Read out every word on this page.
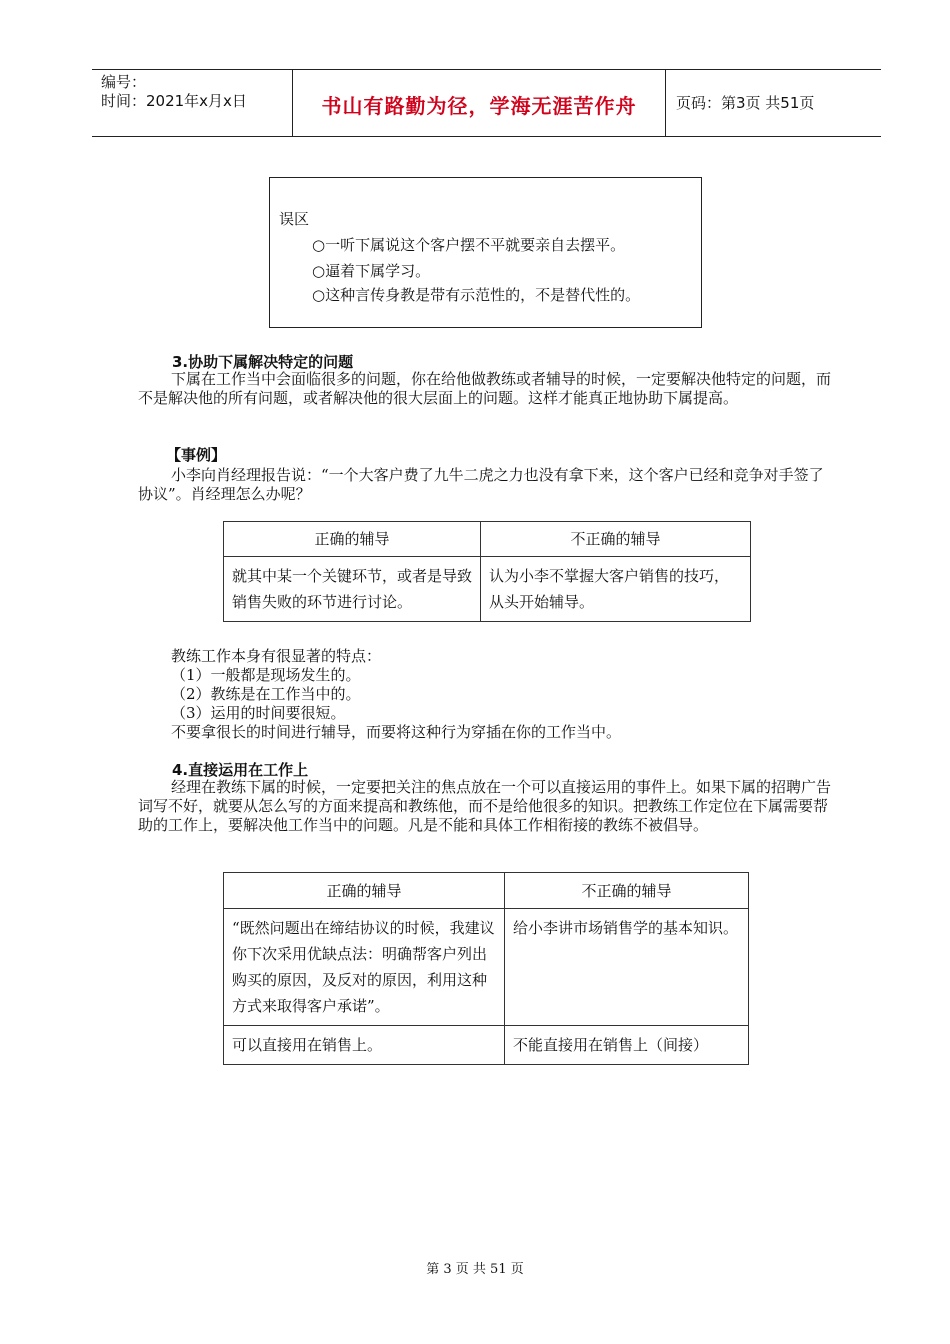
编号：
时间：2021年x月x日	书山有路勤为径，学海无涯苦作舟	页码：第3页 共51页
误区
○一听下属说这个客户摆不平就要亲自去摆平。
○逼着下属学习。
○这种言传身教是带有示范性的，不是替代性的。
3.协助下属解决特定的问题
下属在工作当中会面临很多的问题，你在给他做教练或者辅导的时候，一定要解决他特定的问题，而不是解决他的所有问题，或者解决他的很大层面上的问题。这样才能真正地协助下属提高。
【事例】
小李向肖经理报告说：“一个大客户费了九牛二虎之力也没有拿下来，这个客户已经和竞争对手签了协议”。肖经理怎么办呢？
正确的辅导	不正确的辅导
就其中某一个关键环节，或者是导致销售失败的环节进行讨论。	认为小李不掌握大客户销售的技巧，从头开始辅导。
教练工作本身有很显著的特点：
（1）一般都是现场发生的。
（2）教练是在工作当中的。
（3）运用的时间要很短。
不要拿很长的时间进行辅导，而要将这种行为穿插在你的工作当中。
4.直接运用在工作上
经理在教练下属的时候，一定要把关注的焦点放在一个可以直接运用的事件上。如果下属的招聘广告词写不好，就要从怎么写的方面来提高和教练他，而不是给他很多的知识。把教练工作定位在下属需要帮助的工作上，要解决他工作当中的问题。凡是不能和具体工作相衔接的教练不被倡导。
正确的辅导	不正确的辅导
“既然问题出在缔结协议的时候，我建议你下次采用优缺点法：明确帮客户列出购买的原因，及反对的原因，利用这种方式来取得客户承诺”。	给小李讲市场销售学的基本知识。
可以直接用在销售上。	不能直接用在销售上（间接）
第 3 页 共 51 页
